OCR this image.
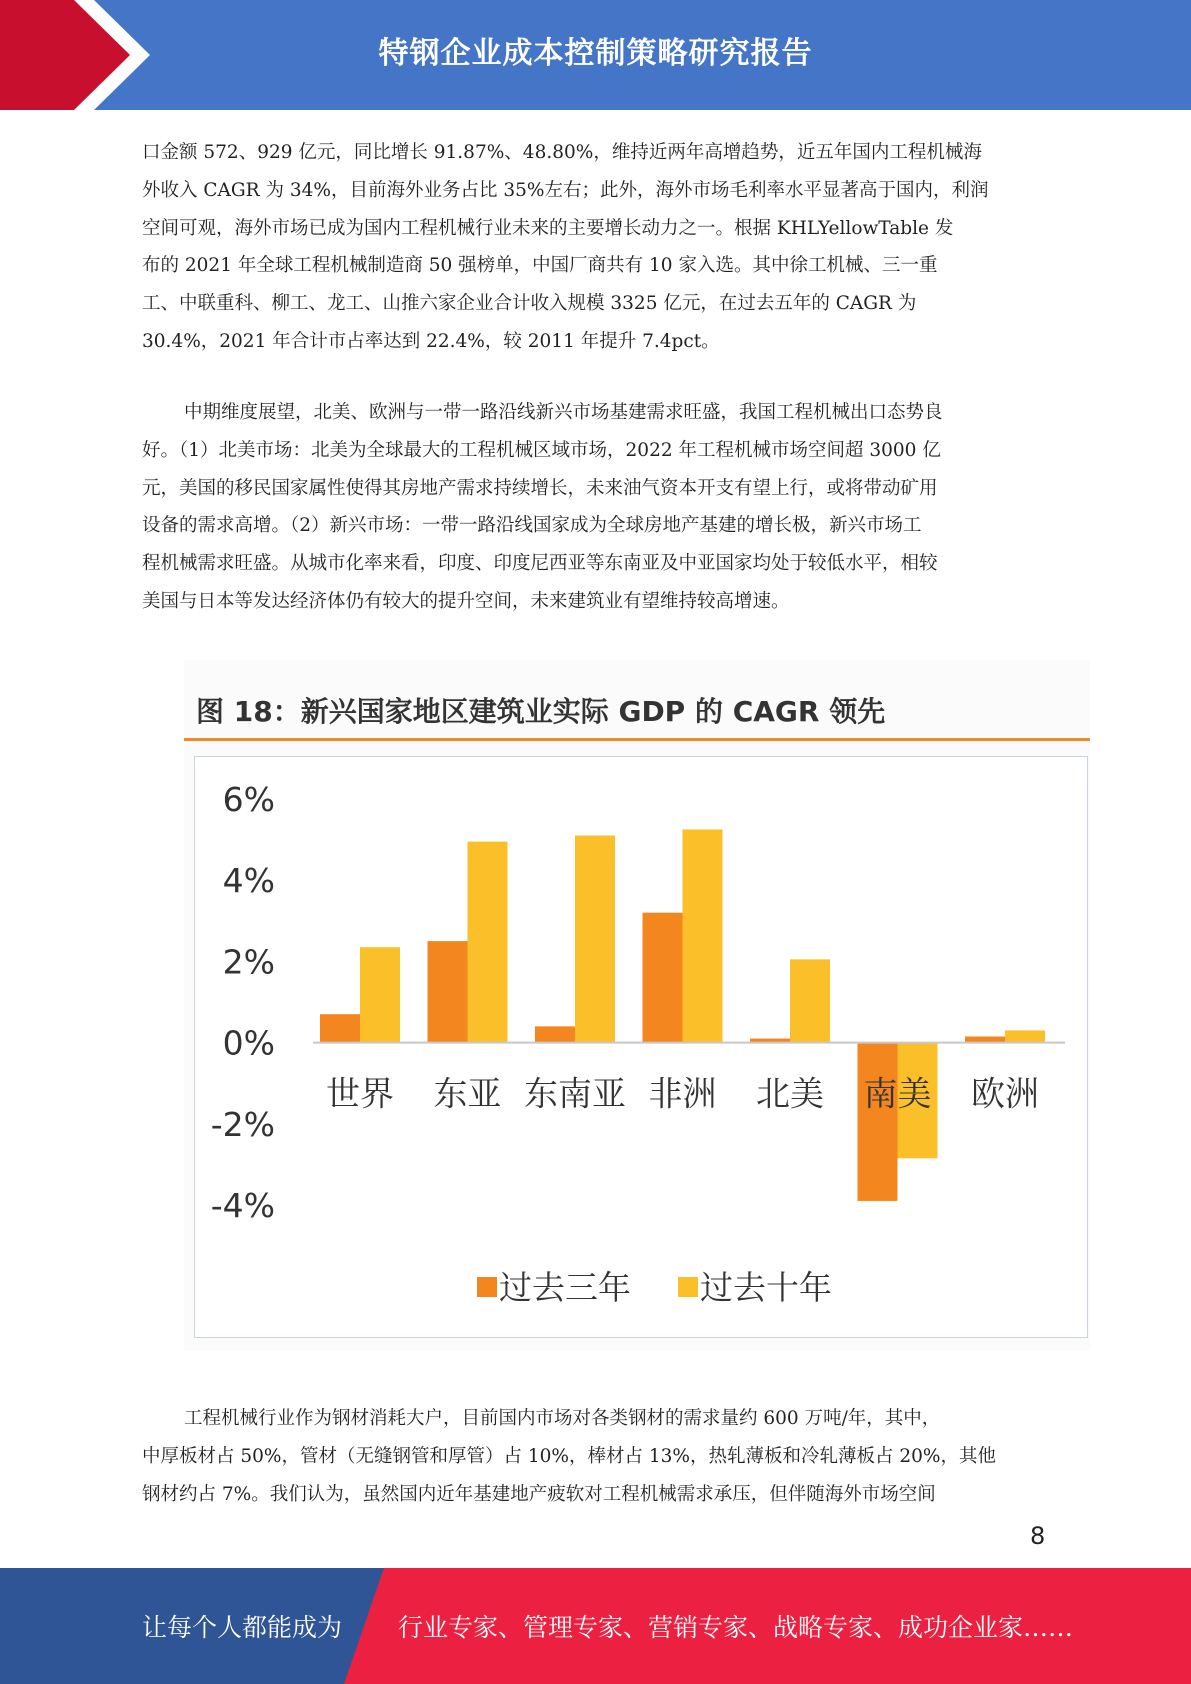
特钢企业成本控制策略研究报告
口金额 572、929 亿元，同比增长 91.87%、48.80%，维持近两年高增趋势，近五年国内工程机械海
外收入 CAGR 为 34%，目前海外业务占比 35%左右；此外，海外市场毛利率水平显著高于国内，利润
空间可观，海外市场已成为国内工程机械行业未来的主要增长动力之一。根据 KHLYellowTable 发
布的 2021 年全球工程机械制造商 50 强榜单，中国厂商共有 10 家入选。其中徐工机械、三一重
工、中联重科、柳工、龙工、山推六家企业合计收入规模 3325 亿元，在过去五年的 CAGR 为
30.4%，2021 年合计市占率达到 22.4%，较 2011 年提升 7.4pct。
中期维度展望，北美、欧洲与一带一路沿线新兴市场基建需求旺盛，我国工程机械出口态势良
好。（1）北美市场：北美为全球最大的工程机械区域市场，2022 年工程机械市场空间超 3000 亿
元，美国的移民国家属性使得其房地产需求持续增长，未来油气资本开支有望上行，或将带动矿用
设备的需求高增。（2）新兴市场：一带一路沿线国家成为全球房地产基建的增长极，新兴市场工
程机械需求旺盛。从城市化率来看，印度、印度尼西亚等东南亚及中亚国家均处于较低水平，相较
美国与日本等发达经济体仍有较大的提升空间，未来建筑业有望维持较高增速。
图 18：新兴国家地区建筑业实际 GDP 的 CAGR 领先
6%
4%
2%
0%
-2%
-4%
世界 东亚 东南亚 非洲 北美 南美 欧洲
过去三年 过去十年
工程机械行业作为钢材消耗大户，目前国内市场对各类钢材的需求量约 600 万吨/年，其中，
中厚板材占 50%，管材（无缝钢管和厚管）占 10%，棒材占 13%，热轧薄板和冷轧薄板占 20%，其他
钢材约占 7%。我们认为，虽然国内近年基建地产疲软对工程机械需求承压，但伴随海外市场空间
8
让每个人都能成为 行业专家、管理专家、营销专家、战略专家、成功企业家……
